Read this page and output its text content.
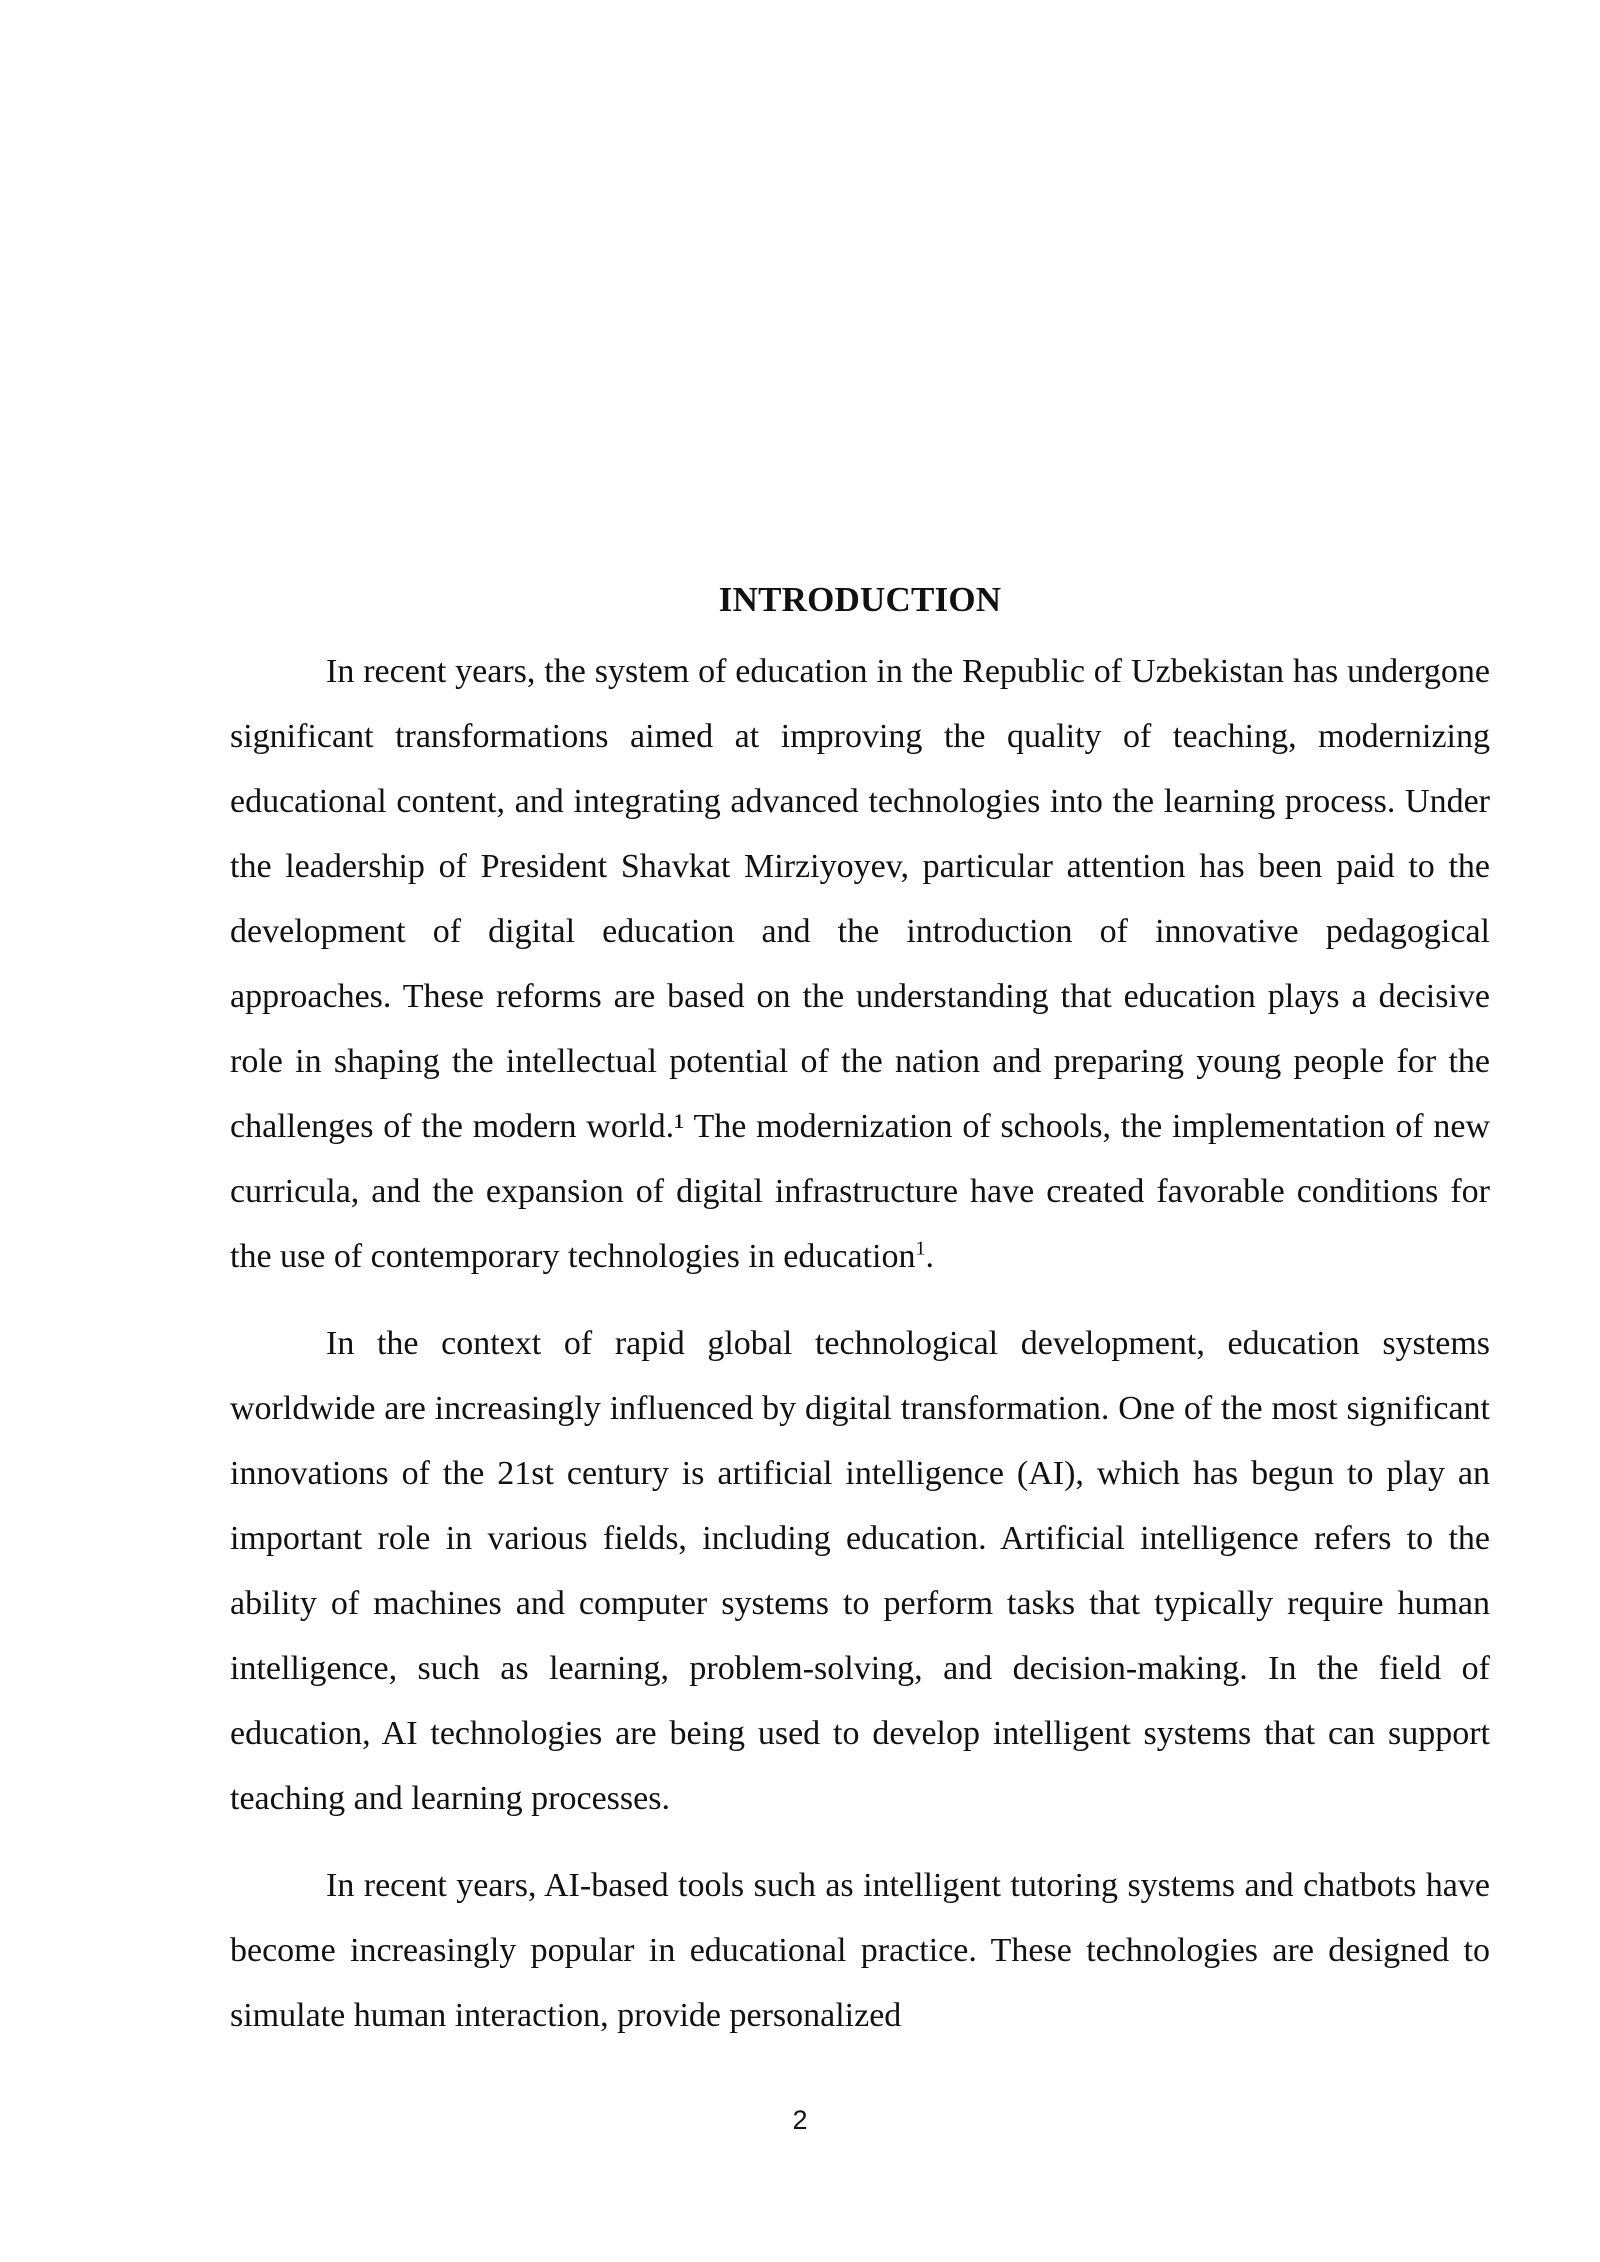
INTRODUCTION

In recent years, the system of education in the Republic of Uzbekistan has undergone significant transformations aimed at improving the quality of teaching, modernizing educational content, and integrating advanced technologies into the learning process. Under the leadership of President Shavkat Mirziyoyev, particular attention has been paid to the development of digital education and the introduction of innovative pedagogical approaches. These reforms are based on the understanding that education plays a decisive role in shaping the intellectual potential of the nation and preparing young people for the challenges of the modern world.¹ The modernization of schools, the implementation of new curricula, and the expansion of digital infrastructure have created favorable conditions for the use of contemporary technologies in education$^1$.

In the context of rapid global technological development, education systems worldwide are increasingly influenced by digital transformation. One of the most significant innovations of the 21st century is artificial intelligence (AI), which has begun to play an important role in various fields, including education. Artificial intelligence refers to the ability of machines and computer systems to perform tasks that typically require human intelligence, such as learning, problem-solving, and decision-making. In the field of education, AI technologies are being used to develop intelligent systems that can support teaching and learning processes.

In recent years, AI-based tools such as intelligent tutoring systems and chatbots have become increasingly popular in educational practice. These technologies are designed to simulate human interaction, provide personalized

2
